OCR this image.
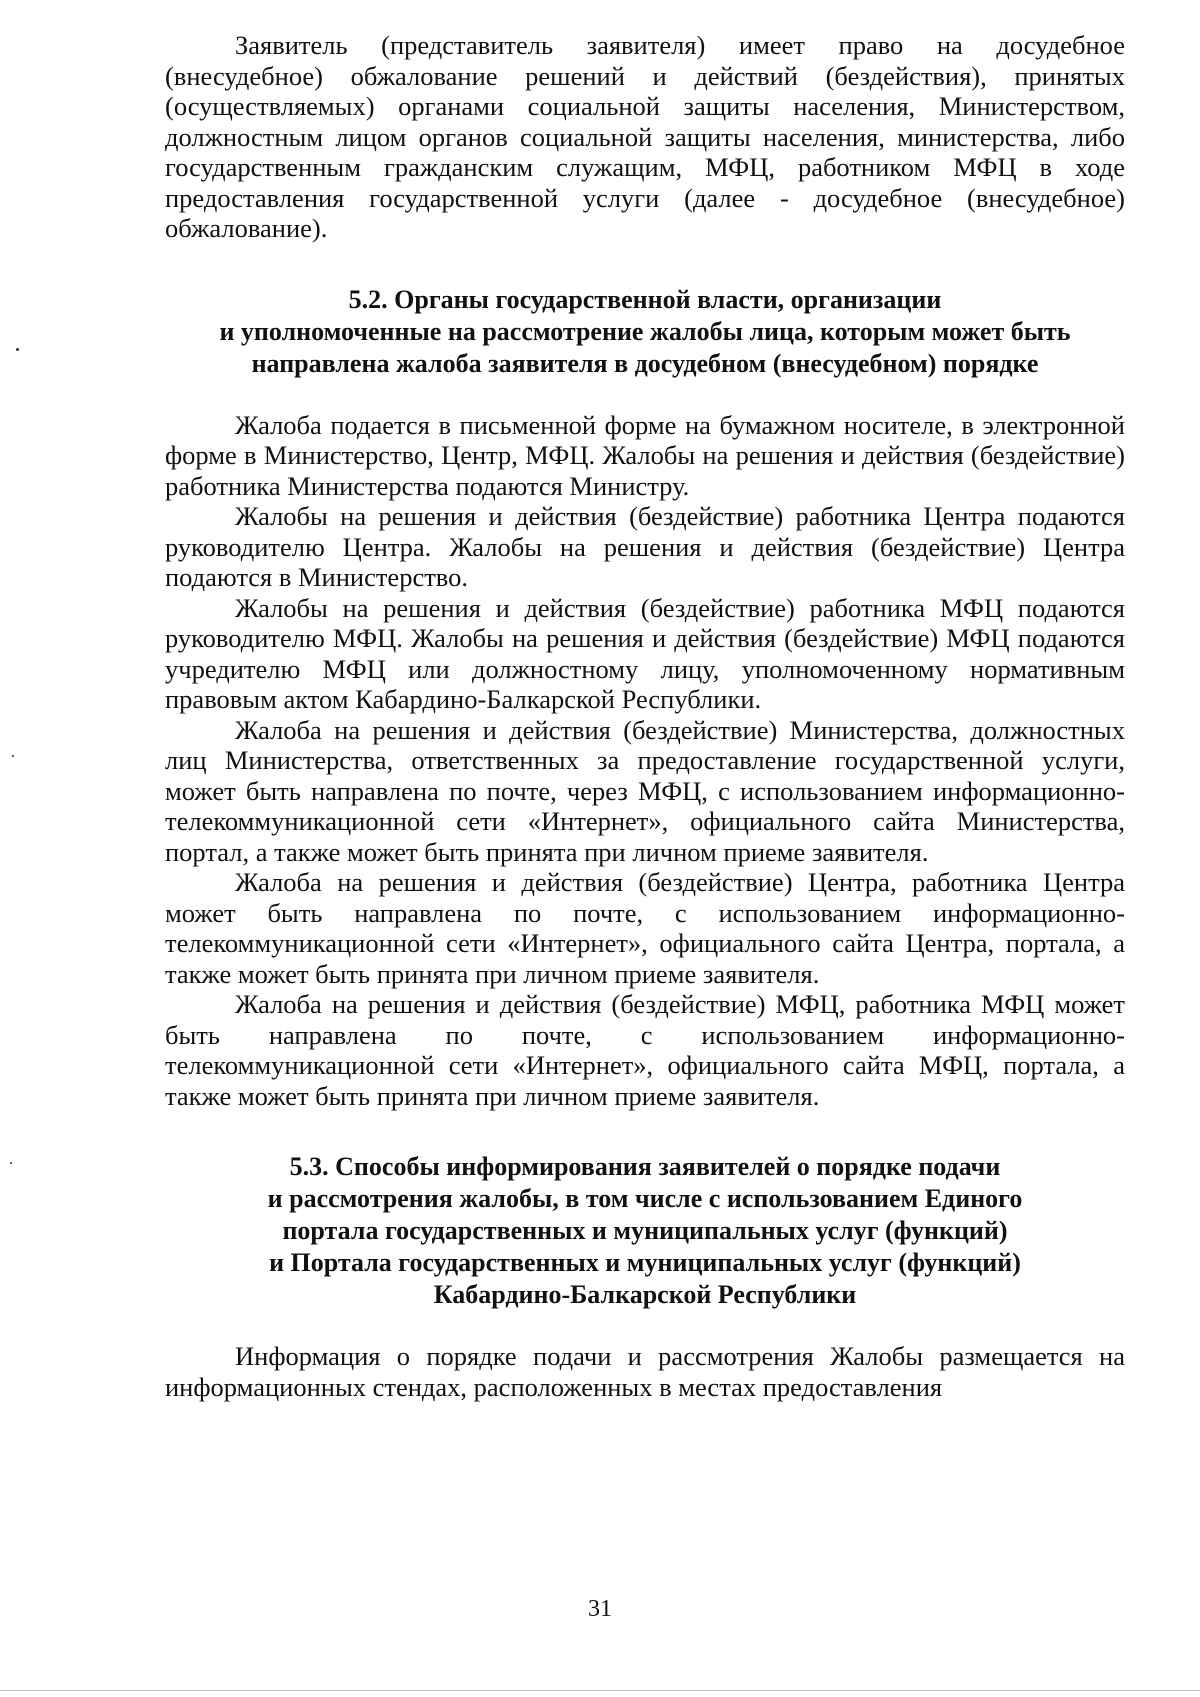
Заявитель (представитель заявителя) имеет право на досудебное (внесудебное) обжалование решений и действий (бездействия), принятых (осуществляемых) органами социальной защиты населения, Министерством, должностным лицом органов социальной защиты населения, министерства, либо государственным гражданским служащим, МФЦ, работником МФЦ в ходе предоставления государственной услуги (далее - досудебное (внесудебное) обжалование).

5.2. Органы государственной власти, организации
и уполномоченные на рассмотрение жалобы лица, которым может быть
направлена жалоба заявителя в досудебном (внесудебном) порядке

Жалоба подается в письменной форме на бумажном носителе, в электронной форме в Министерство, Центр, МФЦ. Жалобы на решения и действия (бездействие) работника Министерства подаются Министру.

Жалобы на решения и действия (бездействие) работника Центра подаются руководителю Центра. Жалобы на решения и действия (бездействие) Центра подаются в Министерство.

Жалобы на решения и действия (бездействие) работника МФЦ подаются руководителю МФЦ. Жалобы на решения и действия (бездействие) МФЦ подаются учредителю МФЦ или должностному лицу, уполномоченному нормативным правовым актом Кабардино-Балкарской Республики.

Жалоба на решения и действия (бездействие) Министерства, должностных лиц Министерства, ответственных за предоставление государственной услуги, может быть направлена по почте, через МФЦ, с использованием информационно-телекоммуникационной сети «Интернет», официального сайта Министерства, портал, а также может быть принята при личном приеме заявителя.

Жалоба на решения и действия (бездействие) Центра, работника Центра может быть направлена по почте, с использованием информационно-телекоммуникационной сети «Интернет», официального сайта Центра, портала, а также может быть принята при личном приеме заявителя.

Жалоба на решения и действия (бездействие) МФЦ, работника МФЦ может быть направлена по почте, с использованием информационно-телекоммуникационной сети «Интернет», официального сайта МФЦ, портала, а также может быть принята при личном приеме заявителя.

5.3. Способы информирования заявителей о порядке подачи
и рассмотрения жалобы, в том числе с использованием Единого
портала государственных и муниципальных услуг (функций)
и Портала государственных и муниципальных услуг (функций)
Кабардино-Балкарской Республики

Информация о порядке подачи и рассмотрения Жалобы размещается на информационных стендах, расположенных в местах предоставления

31
